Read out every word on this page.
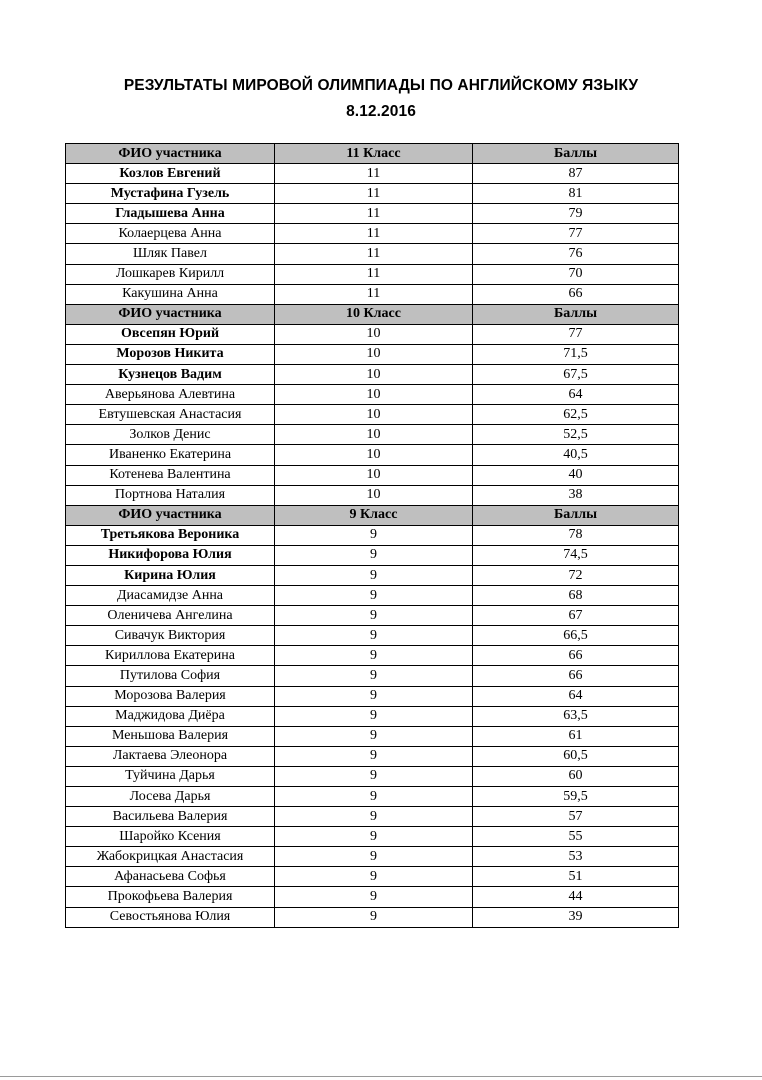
РЕЗУЛЬТАТЫ МИРОВОЙ ОЛИМПИАДЫ ПО АНГЛИЙСКОМУ ЯЗЫКУ
8.12.2016
ФИО участника	11 Класс	Баллы
Козлов Евгений	11	87
Мустафина Гузель	11	81
Гладышева Анна	11	79
Колаерцева Анна	11	77
Шляк Павел	11	76
Лошкарев Кирилл	11	70
Какушина Анна	11	66
ФИО участника	10 Класс	Баллы
Овсепян Юрий	10	77
Морозов Никита	10	71,5
Кузнецов Вадим	10	67,5
Аверьянова Алевтина	10	64
Евтушевская Анастасия	10	62,5
Золков Денис	10	52,5
Иваненко Екатерина	10	40,5
Котенева Валентина	10	40
Портнова Наталия	10	38
ФИО участника	9 Класс	Баллы
Третьякова Вероника	9	78
Никифорова Юлия	9	74,5
Кирина Юлия	9	72
Диасамидзе Анна	9	68
Оленичева Ангелина	9	67
Сивачук Виктория	9	66,5
Кириллова Екатерина	9	66
Путилова София	9	66
Морозова Валерия	9	64
Маджидова Диёра	9	63,5
Меньшова Валерия	9	61
Лактаева Элеонора	9	60,5
Туйчина Дарья	9	60
Лосева Дарья	9	59,5
Васильева Валерия	9	57
Шаройко Ксения	9	55
Жабокрицкая Анастасия	9	53
Афанасьева Софья	9	51
Прокофьева Валерия	9	44
Севостьянова Юлия	9	39
